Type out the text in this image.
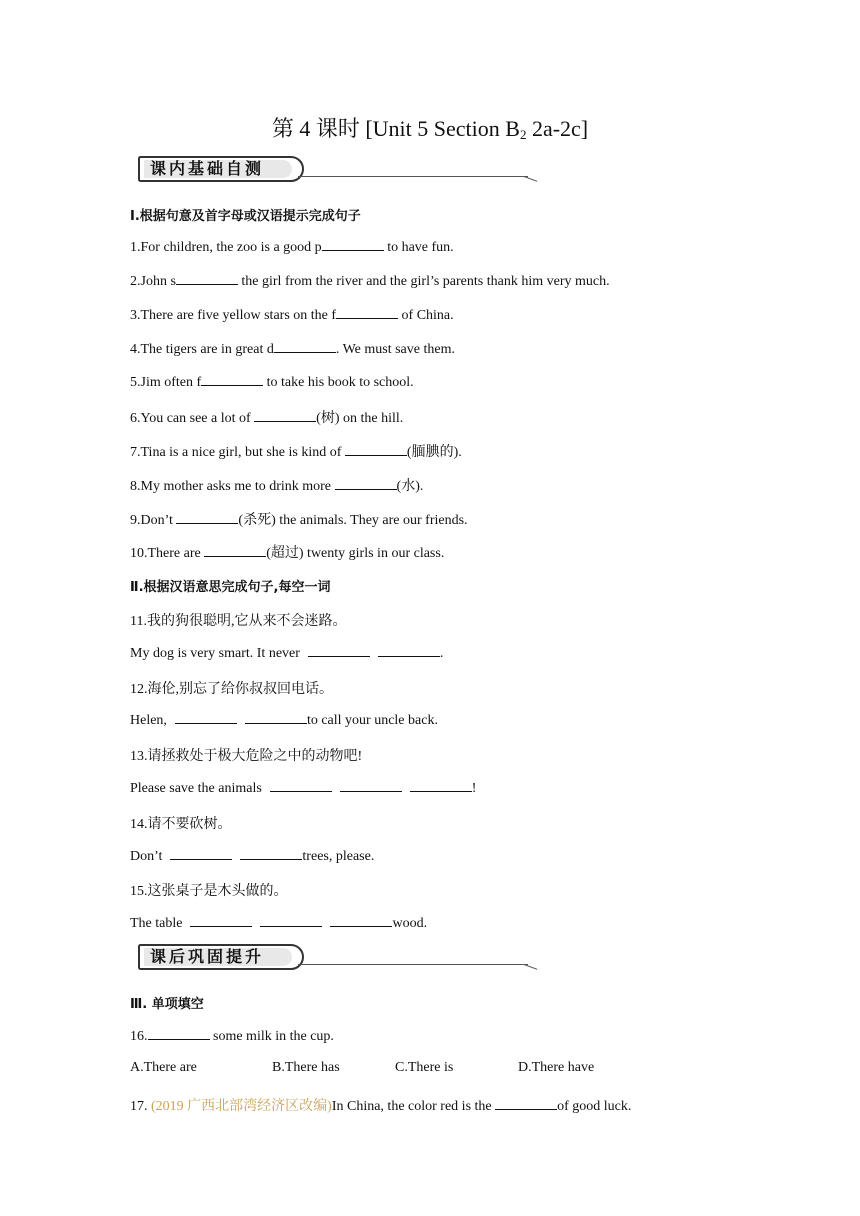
第 4 课时 [Unit 5 Section $B_2$ 2a-2c]
课内基础自测
Ⅰ.根据句意及首字母或汉语提示完成句子
1.For children, the zoo is a good p	to have fun.
2.John s	the girl from the river and the girl’s parents thank him very much.
3.There are five yellow stars on the f	of China.
4.The tigers are in great d	. We must save them.
5.Jim often f	to take his book to school.
6.You can see a lot of	(树) on the hill.
7.Tina is a nice girl, but she is kind of	(腼腆的).
8.My mother asks me to drink more	(水).
9.Don’t	(杀死) the animals. They are our friends.
10.There are	(超过) twenty girls in our class.
Ⅱ.根据汉语意思完成句子,每空一词
11.我的狗很聪明,它从来不会迷路。
My dog is very smart. It never	.
12.海伦,别忘了给你叔叔回电话。
Helen,	to call your uncle back.
13.请拯救处于极大危险之中的动物吧!
Please save the animals	!
14.请不要砍树。
Don’t	trees, please.
15.这张桌子是木头做的。
The table	wood.
课后巩固提升
Ⅲ. 单项填空
16.	some milk in the cup.
A.There are	B.There has	C.There is	D.There have
17. (2019 广西北部湾经济区改编)In China, the color red is the	of good luck.
